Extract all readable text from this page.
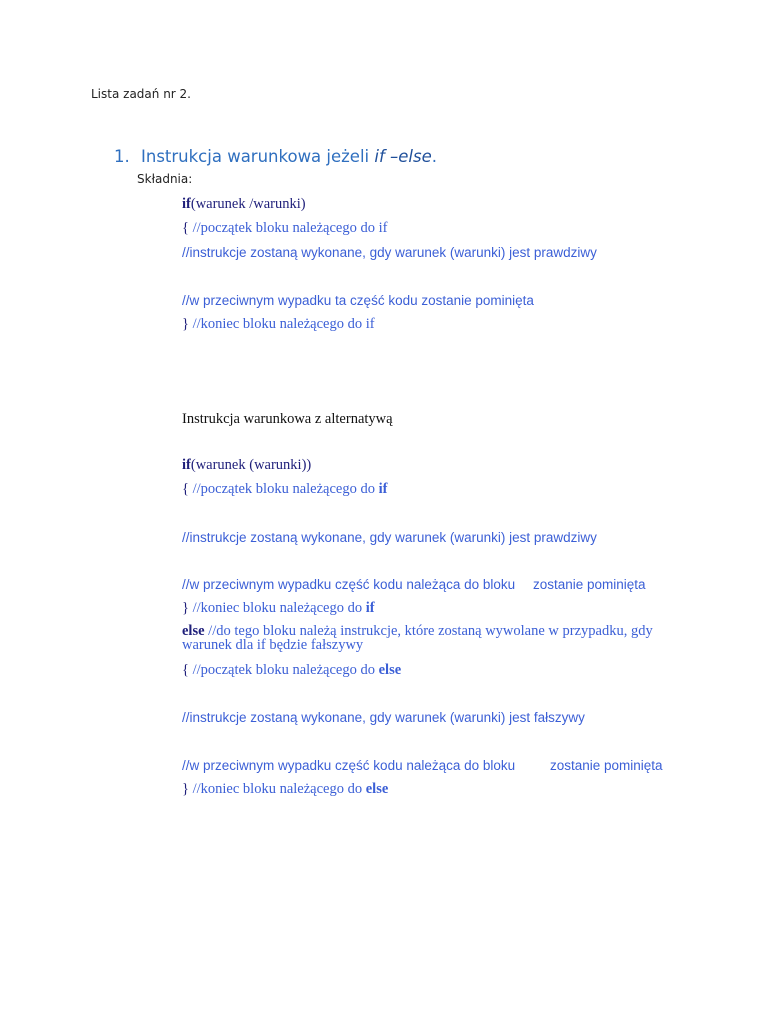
Lista zadań nr 2.
1. Instrukcja warunkowa jeżeli if –else.
Składnia:
if(warunek /warunki)
{ //początek bloku należącego do if
//instrukcje zostaną wykonane, gdy warunek (warunki) jest prawdziwy
//w przeciwnym wypadku ta część kodu zostanie pominięta
} //koniec bloku należącego do if
Instrukcja warunkowa z alternatywą
if(warunek (warunki))
{ //początek bloku należącego do if
//instrukcje zostaną wykonane, gdy warunek (warunki) jest prawdziwy
//w przeciwnym wypadku część kodu należąca do bloku zostanie pominięta
} //koniec bloku należącego do if
else //do tego bloku należą instrukcje, które zostaną wywolane w przypadku, gdy warunek dla if będzie fałszywy
{ //początek bloku należącego do else
//instrukcje zostaną wykonane, gdy warunek (warunki) jest fałszywy
//w przeciwnym wypadku część kodu należąca do bloku	zostanie pominięta
} //koniec bloku należącego do else
